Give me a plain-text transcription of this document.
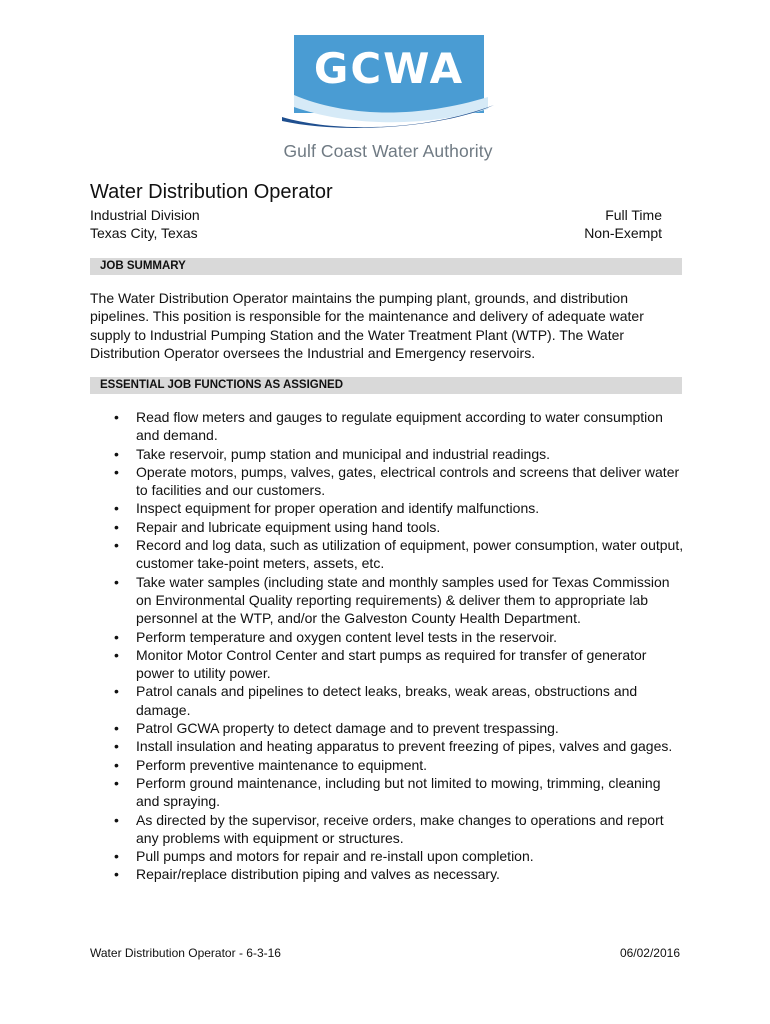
GCWA
Gulf Coast Water Authority
Water Distribution Operator
Industrial Division
Texas City, Texas
Full Time
Non-Exempt
JOB SUMMARY

The Water Distribution Operator maintains the pumping plant, grounds, and distribution pipelines. This position is responsible for the maintenance and delivery of adequate water supply to Industrial Pumping Station and the Water Treatment Plant (WTP). The Water Distribution Operator oversees the Industrial and Emergency reservoirs.

ESSENTIAL JOB FUNCTIONS AS ASSIGNED
• Read flow meters and gauges to regulate equipment according to water consumption and demand.
• Take reservoir, pump station and municipal and industrial readings.
• Operate motors, pumps, valves, gates, electrical controls and screens that deliver water to facilities and our customers.
• Inspect equipment for proper operation and identify malfunctions.
• Repair and lubricate equipment using hand tools.
• Record and log data, such as utilization of equipment, power consumption, water output, customer take-point meters, assets, etc.
• Take water samples (including state and monthly samples used for Texas Commission on Environmental Quality reporting requirements) & deliver them to appropriate lab personnel at the WTP, and/or the Galveston County Health Department.
• Perform temperature and oxygen content level tests in the reservoir.
• Monitor Motor Control Center and start pumps as required for transfer of generator power to utility power.
• Patrol canals and pipelines to detect leaks, breaks, weak areas, obstructions and damage.
• Patrol GCWA property to detect damage and to prevent trespassing.
• Install insulation and heating apparatus to prevent freezing of pipes, valves and gages.
• Perform preventive maintenance to equipment.
• Perform ground maintenance, including but not limited to mowing, trimming, cleaning and spraying.
• As directed by the supervisor, receive orders, make changes to operations and report any problems with equipment or structures.
• Pull pumps and motors for repair and re-install upon completion.
• Repair/replace distribution piping and valves as necessary.
Water Distribution Operator - 6-3-16	06/02/2016
